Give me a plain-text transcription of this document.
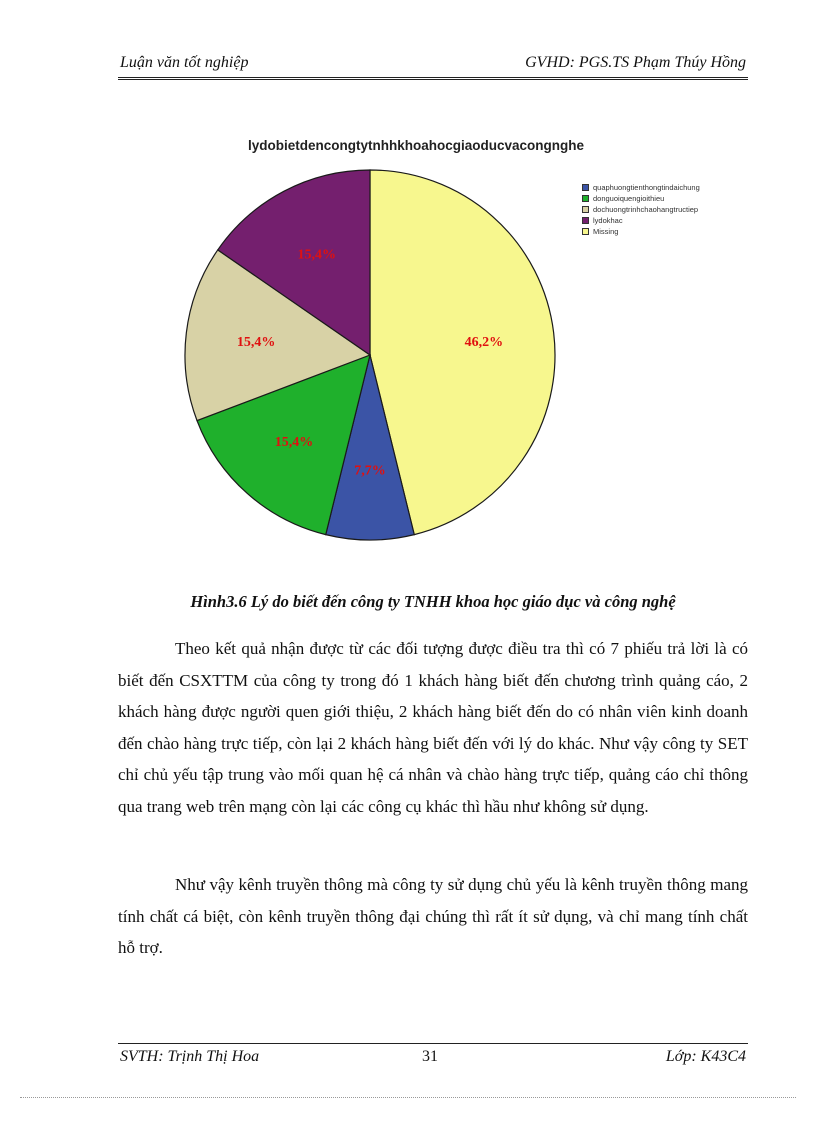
Luận văn tốt nghiệp	GVHD: PGS.TS Phạm Thúy Hồng
lydobietdencongtytnhhkhoahocgiaoducvacongnghe
46,2%
7,7%
15,4%
15,4%
15,4%
quaphuongtienthongtindaichung
donguoiquengioithieu
dochuongtrinhchaohangtructiep
lydokhac
Missing
Hình3.6 Lý do biết đến công ty TNHH khoa học giáo dục và công nghệ

Theo kết quả nhận được từ các đối tượng được điều tra thì có 7 phiếu trả lời là có biết đến CSXTTM của công ty trong đó 1 khách hàng biết đến chương trình quảng cáo, 2 khách hàng được người quen giới thiệu, 2 khách hàng biết đến do có nhân viên kinh doanh đến chào hàng trực tiếp, còn lại 2 khách hàng biết đến với lý do khác. Như vậy công ty SET chỉ chủ yếu tập trung vào mối quan hệ cá nhân và chào hàng trực tiếp, quảng cáo chỉ thông qua trang web trên mạng còn lại các công cụ khác thì hầu như không sử dụng.

Như vậy kênh truyền thông mà công ty sử dụng chủ yếu là kênh truyền thông mang tính chất cá biệt, còn kênh truyền thông đại chúng thì rất ít sử dụng, và chỉ mang tính chất hỗ trợ.

SVTH: Trịnh Thị Hoa	31	Lớp: K43C4
